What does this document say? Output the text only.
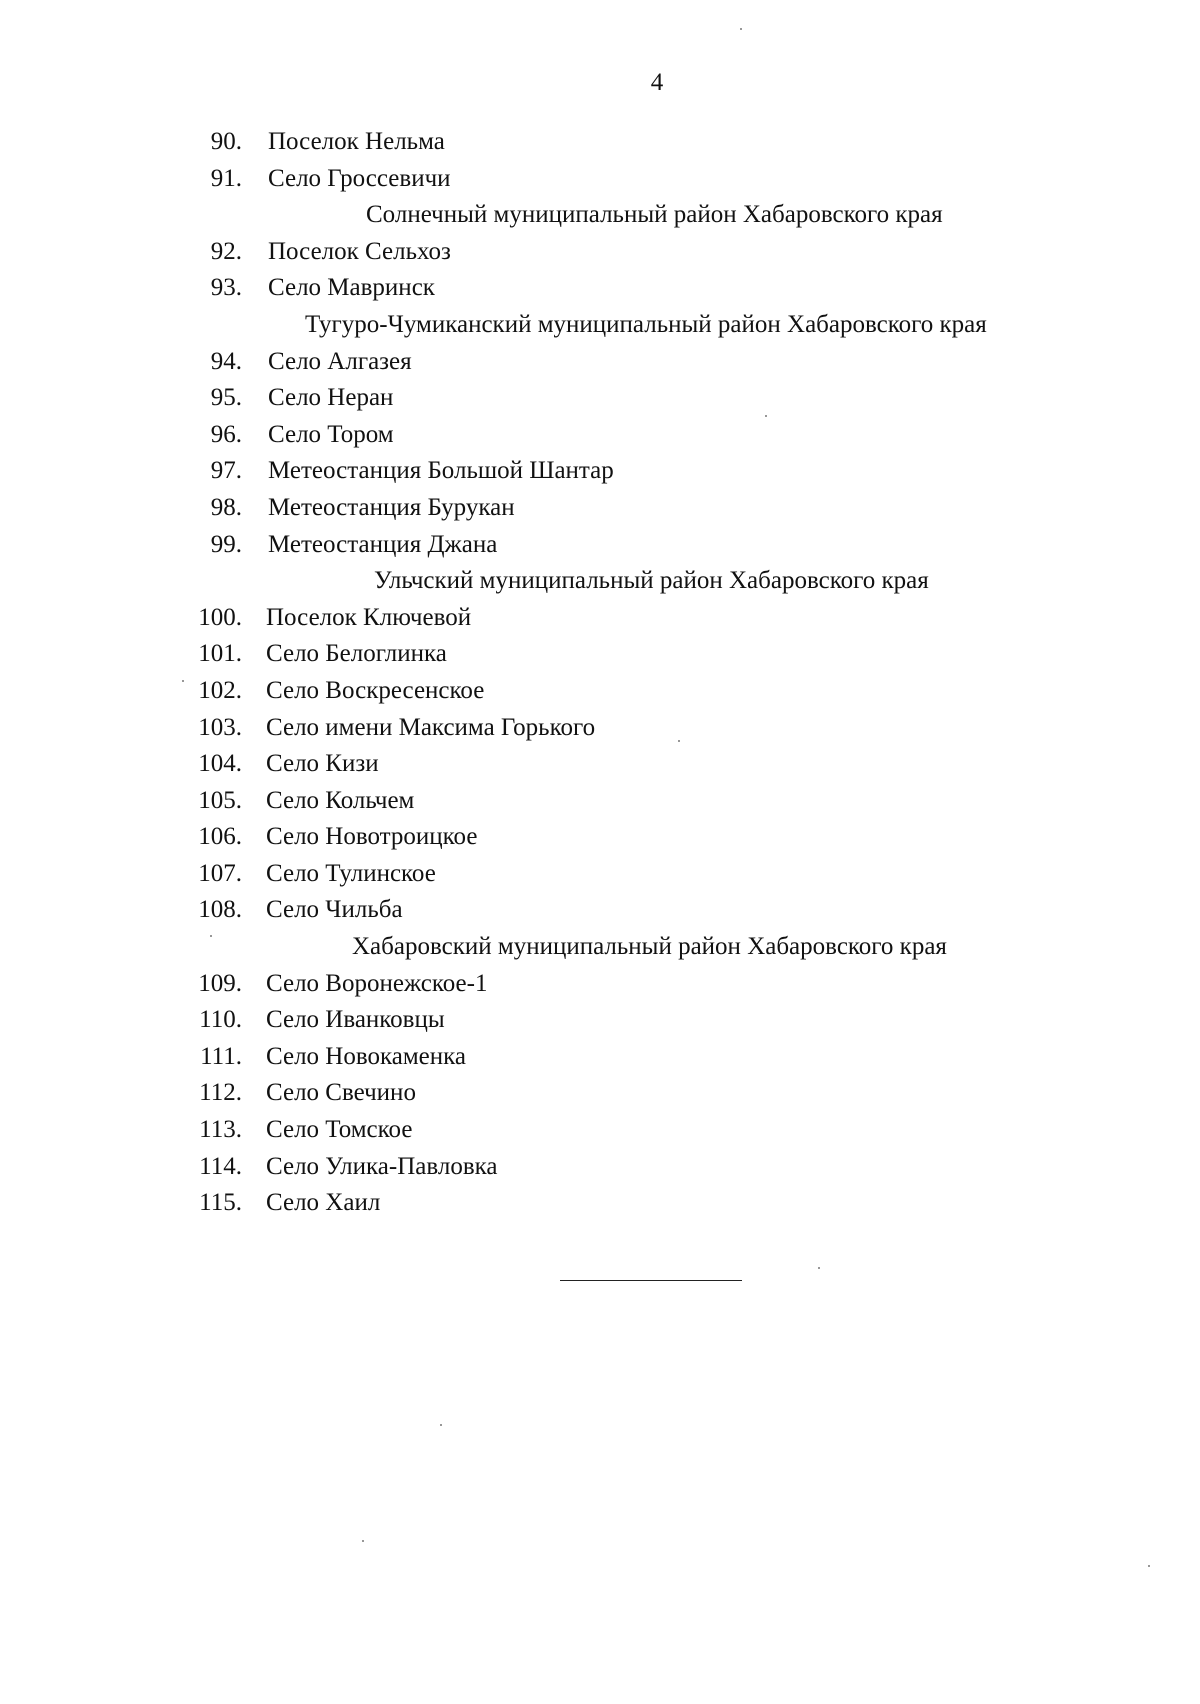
4
90. Поселок Нельма
91. Село Гроссевичи
Солнечный муниципальный район Хабаровского края
92. Поселок Сельхоз
93. Село Мавринск
Тугуро-Чумиканский муниципальный район Хабаровского края
94. Село Алгазея
95. Село Неран
96. Село Тором
97. Метеостанция Большой Шантар
98. Метеостанция Бурукан
99. Метеостанция Джана
Ульчский муниципальный район Хабаровского края
100. Поселок Ключевой
101. Село Белоглинка
102. Село Воскресенское
103. Село имени Максима Горького
104. Село Кизи
105. Село Кольчем
106. Село Новотроицкое
107. Село Тулинское
108. Село Чильба
Хабаровский муниципальный район Хабаровского края
109. Село Воронежское-1
110. Село Иванковцы
111. Село Новокаменка
112. Село Свечино
113. Село Томское
114. Село Улика-Павловка
115. Село Хаил
